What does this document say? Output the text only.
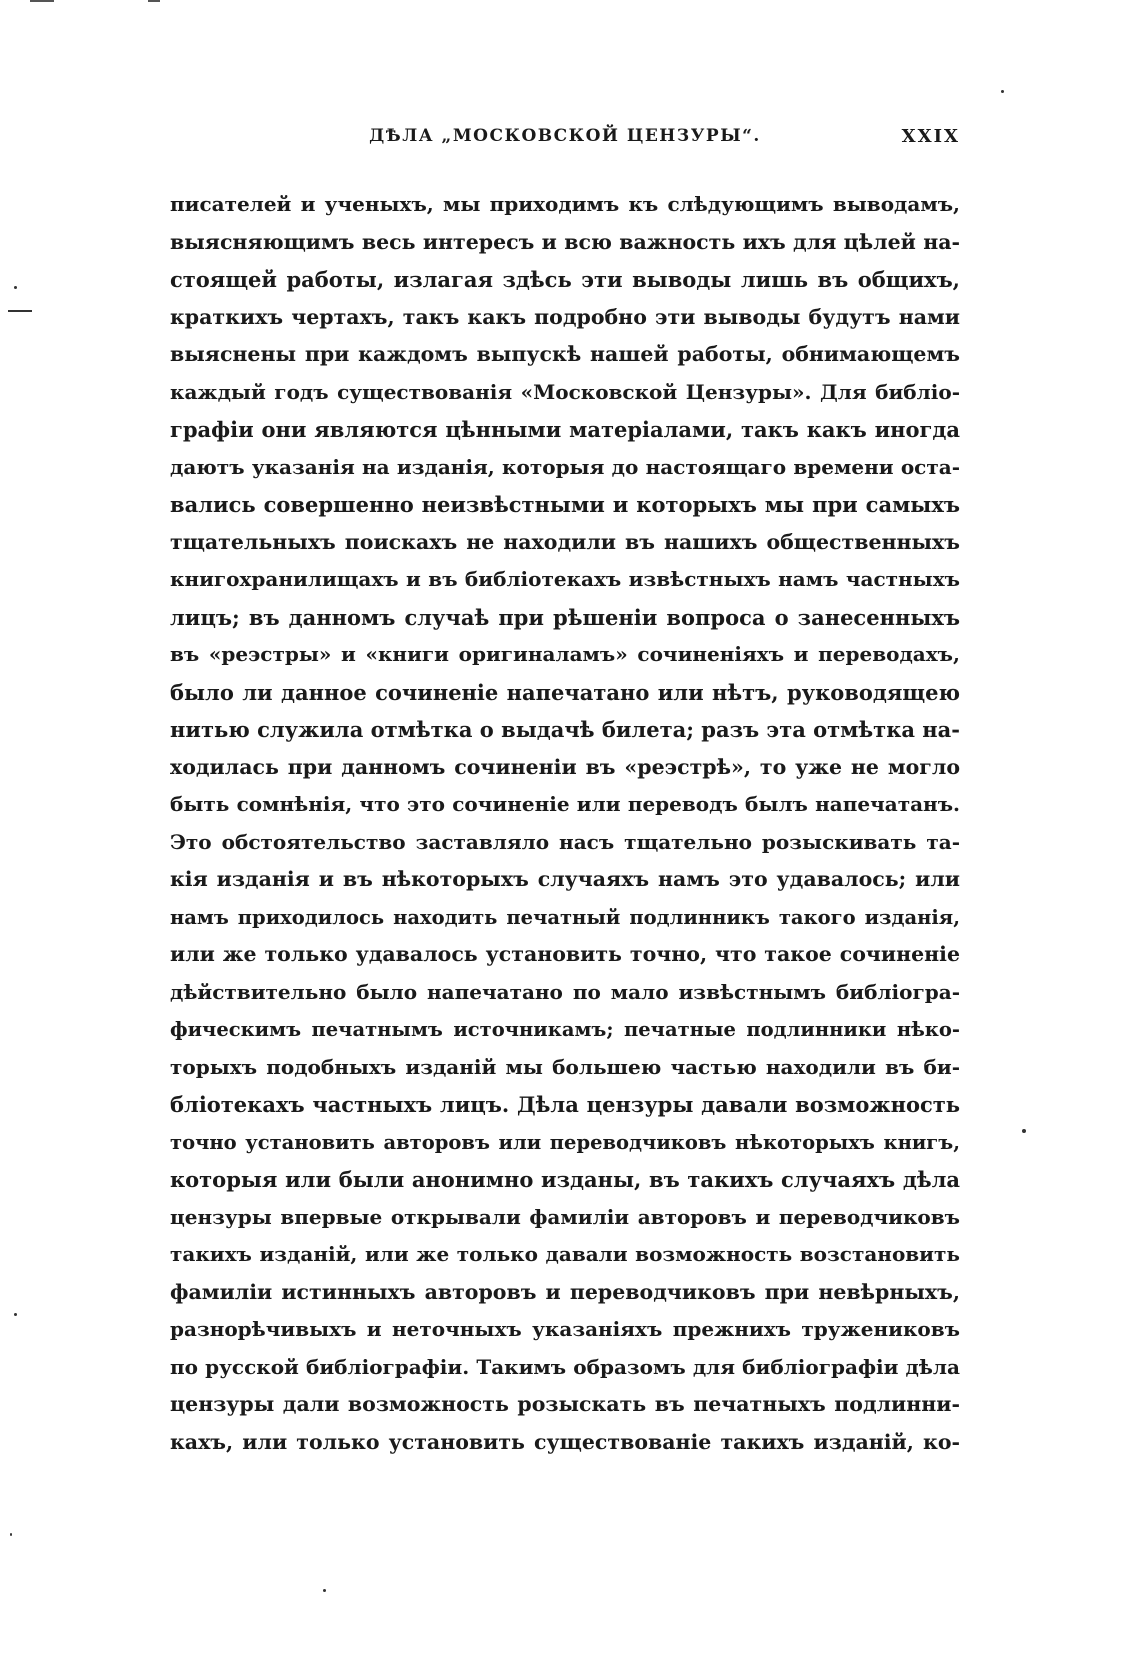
ДѢЛА „МОСКОВСКОЙ ЦЕНЗУРЫ“.	XXIX
писателей и ученыхъ, мы приходимъ къ слѣдующимъ выводамъ,
выясняющимъ весь интересъ и всю важность ихъ для цѣлей на-
стоящей работы, излагая здѣсь эти выводы лишь въ общихъ,
краткихъ чертахъ, такъ какъ подробно эти выводы будутъ нами
выяснены при каждомъ выпускѣ нашей работы, обнимающемъ
каждый годъ существованія «Московской Цензуры». Для библіо-
графіи они являются цѣнными матеріалами, такъ какъ иногда
даютъ указанія на изданія, которыя до настоящаго времени оста-
вались совершенно неизвѣстными и которыхъ мы при самыхъ
тщательныхъ поискахъ не находили въ нашихъ общественныхъ
книгохранилищахъ и въ библіотекахъ извѣстныхъ намъ частныхъ
лицъ; въ данномъ случаѣ при рѣшеніи вопроса о занесенныхъ
въ «реэстры» и «книги оригиналамъ» сочиненіяхъ и переводахъ,
было ли данное сочиненіе напечатано или нѣтъ, руководящею
нитью служила отмѣтка о выдачѣ билета; разъ эта отмѣтка на-
ходилась при данномъ сочиненіи въ «реэстрѣ», то уже не могло
быть сомнѣнія, что это сочиненіе или переводъ былъ напечатанъ.
Это обстоятельство заставляло насъ тщательно розыскивать та-
кія изданія и въ нѣкоторыхъ случаяхъ намъ это удавалось; или
намъ приходилось находить печатный подлинникъ такого изданія,
или же только удавалось установить точно, что такое сочиненіе
дѣйствительно было напечатано по мало извѣстнымъ библіогра-
фическимъ печатнымъ источникамъ; печатные подлинники нѣко-
торыхъ подобныхъ изданій мы большею частью находили въ би-
бліотекахъ частныхъ лицъ. Дѣла цензуры давали возможность
точно установить авторовъ или переводчиковъ нѣкоторыхъ книгъ,
которыя или были анонимно изданы, въ такихъ случаяхъ дѣла
цензуры впервые открывали фамиліи авторовъ и переводчиковъ
такихъ изданій, или же только давали возможность возстановить
фамиліи истинныхъ авторовъ и переводчиковъ при невѣрныхъ,
разнорѣчивыхъ и неточныхъ указаніяхъ прежнихъ тружениковъ
по русской библіографіи. Такимъ образомъ для библіографіи дѣла
цензуры дали возможность розыскать въ печатныхъ подлинни-
кахъ, или только установить существованіе такихъ изданій, ко-
